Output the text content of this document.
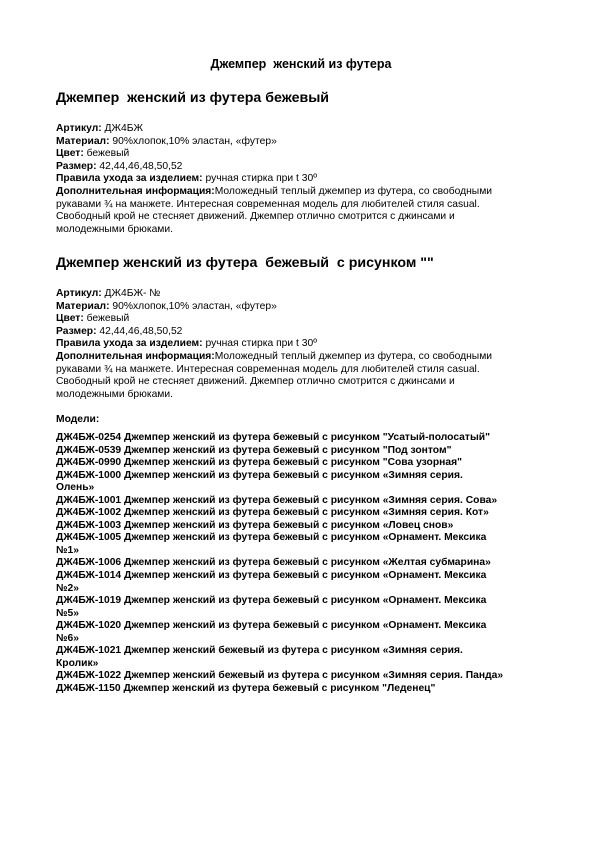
Джемпер  женский из футера
Джемпер  женский из футера бежевый
Артикул: ДЖ4БЖ
Материал: 90%хлопок,10% эластан, «футер»
Цвет: бежевый
Размер: 42,44,46,48,50,52
Правила ухода за изделием: ручная стирка при t 30º
Дополнительная информация:Моложедный теплый джемпер из футера, со свободными
рукавами ¾ на манжете. Интересная современная модель для любителей стиля casual.
Свободный крой не стесняет движений. Джемпер отлично смотрится с джинсами и
молодежными брюками.
Джемпер женский из футера  бежевый  с рисунком ""
Артикул: ДЖ4БЖ- №
Материал: 90%хлопок,10% эластан, «футер»
Цвет: бежевый
Размер: 42,44,46,48,50,52
Правила ухода за изделием: ручная стирка при t 30º
Дополнительная информация:Моложедный теплый джемпер из футера, со свободными
рукавами ¾ на манжете. Интересная современная модель для любителей стиля casual.
Свободный крой не стесняет движений. Джемпер отлично смотрится с джинсами и
молодежными брюками.
Модели:
ДЖ4БЖ-0254 Джемпер женский из футера бежевый с рисунком "Усатый-полосатый"
ДЖ4БЖ-0539 Джемпер женский из футера бежевый с рисунком "Под зонтом"
ДЖ4БЖ-0990 Джемпер женский из футера бежевый с рисунком "Сова узорная"
ДЖ4БЖ-1000 Джемпер женский из футера бежевый с рисунком «Зимняя серия.
Олень»
ДЖ4БЖ-1001 Джемпер женский из футера бежевый с рисунком «Зимняя серия. Сова»
ДЖ4БЖ-1002 Джемпер женский из футера бежевый с рисунком «Зимняя серия. Кот»
ДЖ4БЖ-1003 Джемпер женский из футера бежевый с рисунком «Ловец снов»
ДЖ4БЖ-1005 Джемпер женский из футера бежевый с рисунком «Орнамент. Мексика
№1»
ДЖ4БЖ-1006 Джемпер женский из футера бежевый с рисунком «Желтая субмарина»
ДЖ4БЖ-1014 Джемпер женский из футера бежевый с рисунком «Орнамент. Мексика
№2»
ДЖ4БЖ-1019 Джемпер женский из футера бежевый с рисунком «Орнамент. Мексика
№5»
ДЖ4БЖ-1020 Джемпер женский из футера бежевый с рисунком «Орнамент. Мексика
№6»
ДЖ4БЖ-1021 Джемпер женский бежевый из футера с рисунком «Зимняя серия.
Кролик»
ДЖ4БЖ-1022 Джемпер женский бежевый из футера с рисунком «Зимняя серия. Панда»
ДЖ4БЖ-1150 Джемпер женский из футера бежевый с рисунком "Леденец"
